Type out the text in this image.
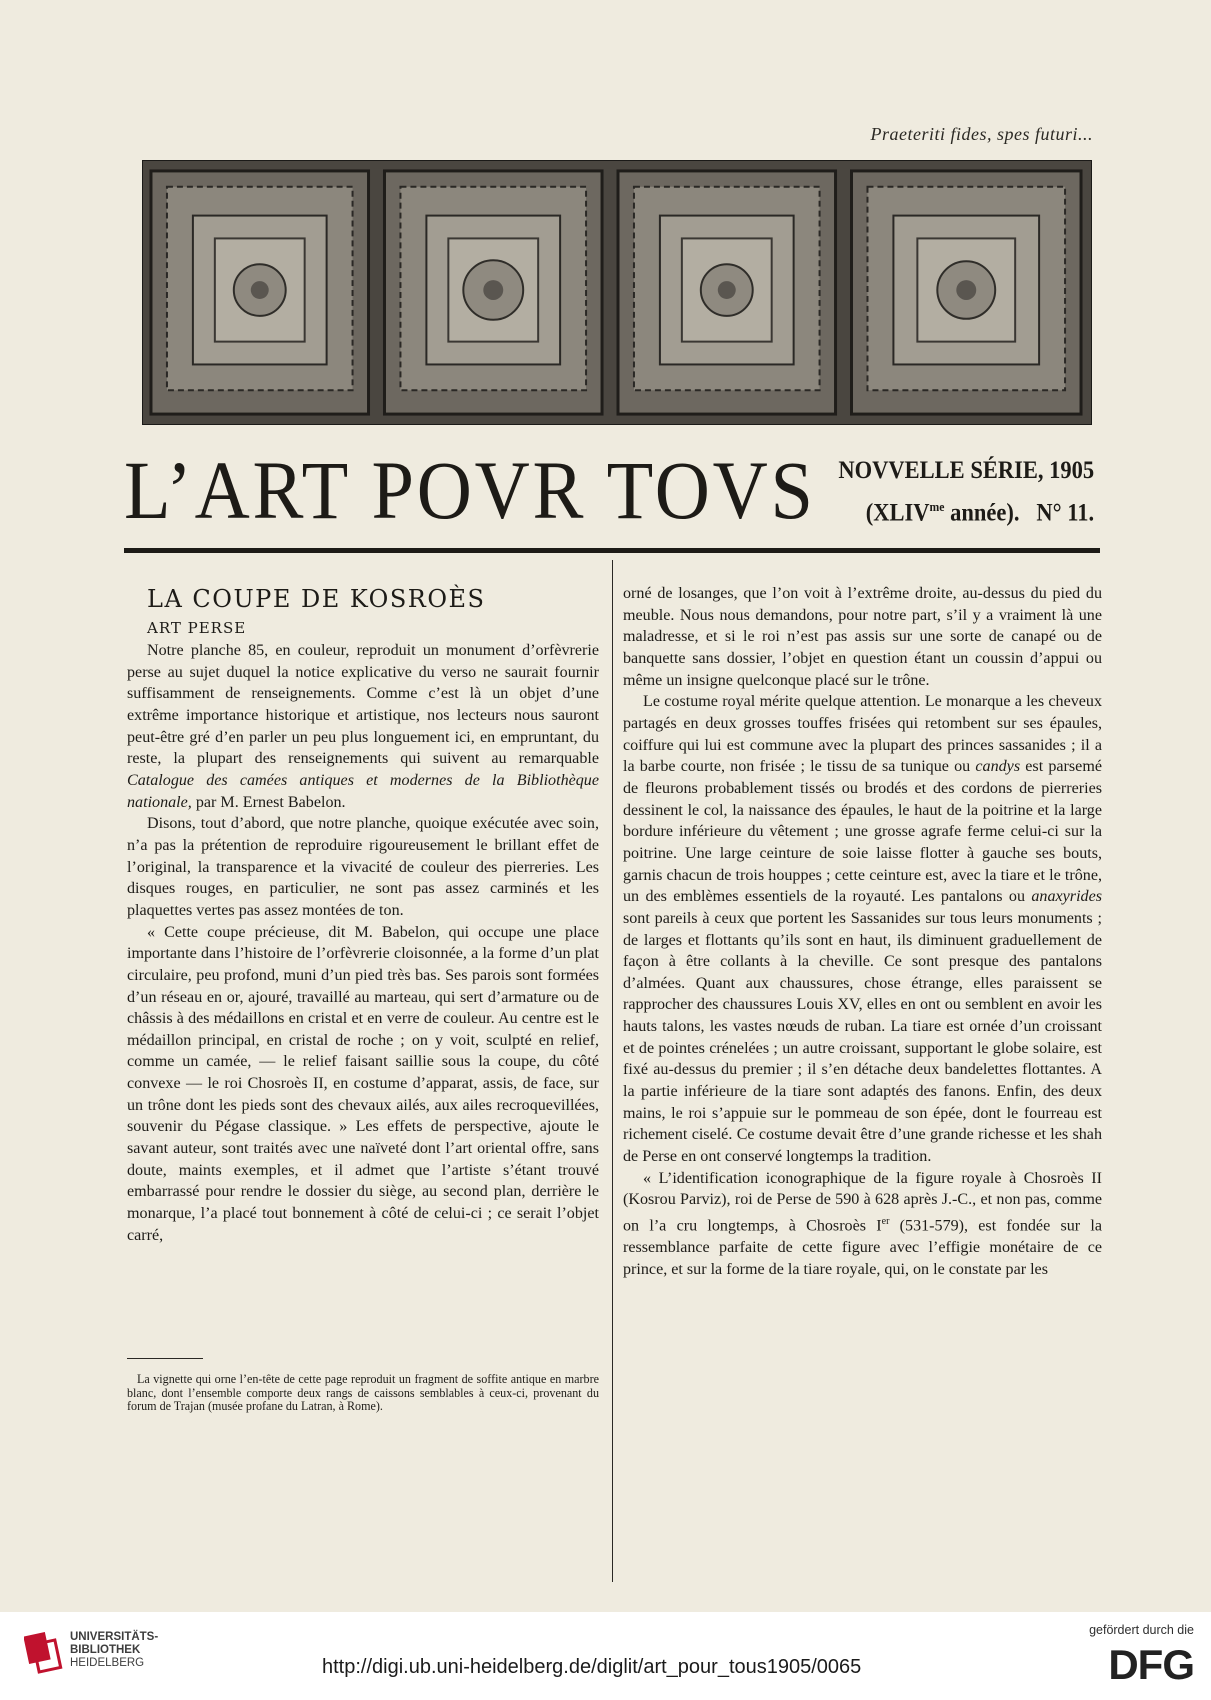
Praeteriti fides, spes futuri...
L’ART POVR TOVS NOVVELLE SÉRIE, 1905
($XLIV^{me}$ année).   N° 11.

LA COUPE DE KOSROÈS

ART PERSE

Notre planche 85, en couleur, reproduit un monument d’orfèvrerie perse au sujet duquel la notice explicative du verso ne saurait fournir suffisamment de renseignements. Comme c’est là un objet d’une extrême importance historique et artistique, nos lecteurs nous sauront peut-être gré d’en parler un peu plus longuement ici, en empruntant, du reste, la plupart des renseignements qui suivent au remarquable Catalogue des camées antiques et modernes de la Bibliothèque nationale, par M. Ernest Babelon.

Disons, tout d’abord, que notre planche, quoique exécutée avec soin, n’a pas la prétention de reproduire rigoureusement le brillant effet de l’original, la transparence et la vivacité de couleur des pierreries. Les disques rouges, en particulier, ne sont pas assez carminés et les plaquettes vertes pas assez montées de ton.

« Cette coupe précieuse, dit M. Babelon, qui occupe une place importante dans l’histoire de l’orfèvrerie cloisonnée, a la forme d’un plat circulaire, peu profond, muni d’un pied très bas. Ses parois sont formées d’un réseau en or, ajouré, travaillé au marteau, qui sert d’armature ou de châssis à des médaillons en cristal et en verre de couleur. Au centre est le médaillon principal, en cristal de roche ; on y voit, sculpté en relief, comme un camée, — le relief faisant saillie sous la coupe, du côté convexe — le roi Chosroès II, en costume d’apparat, assis, de face, sur un trône dont les pieds sont des chevaux ailés, aux ailes recroquevillées, souvenir du Pégase classique. » Les effets de perspective, ajoute le savant auteur, sont traités avec une naïveté dont l’art oriental offre, sans doute, maints exemples, et il admet que l’artiste s’étant trouvé embarrassé pour rendre le dossier du siège, au second plan, derrière le monarque, l’a placé tout bonnement à côté de celui-ci ; ce serait l’objet carré,

La vignette qui orne l’en-tête de cette page reproduit un fragment de soffite antique en marbre blanc, dont l’ensemble comporte deux rangs de caissons semblables à ceux-ci, provenant du forum de Trajan (musée profane du Latran, à Rome).

orné de losanges, que l’on voit à l’extrême droite, au-dessus du pied du meuble. Nous nous demandons, pour notre part, s’il y a vraiment là une maladresse, et si le roi n’est pas assis sur une sorte de canapé ou de banquette sans dossier, l’objet en question étant un coussin d’appui ou même un insigne quelconque placé sur le trône.

Le costume royal mérite quelque attention. Le monarque a les cheveux partagés en deux grosses touffes frisées qui retombent sur ses épaules, coiffure qui lui est commune avec la plupart des princes sassanides ; il a la barbe courte, non frisée ; le tissu de sa tunique ou candys est parsemé de fleurons probablement tissés ou brodés et des cordons de pierreries dessinent le col, la naissance des épaules, le haut de la poitrine et la large bordure inférieure du vêtement ; une grosse agrafe ferme celui-ci sur la poitrine. Une large ceinture de soie laisse flotter à gauche ses bouts, garnis chacun de trois houppes ; cette ceinture est, avec la tiare et le trône, un des emblèmes essentiels de la royauté. Les pantalons ou anaxyrides sont pareils à ceux que portent les Sassanides sur tous leurs monuments ; de larges et flottants qu’ils sont en haut, ils diminuent graduellement de façon à être collants à la cheville. Ce sont presque des pantalons d’almées. Quant aux chaussures, chose étrange, elles paraissent se rapprocher des chaussures Louis XV, elles en ont ou semblent en avoir les hauts talons, les vastes nœuds de ruban. La tiare est ornée d’un croissant et de pointes crénelées ; un autre croissant, supportant le globe solaire, est fixé au-dessus du premier ; il s’en détache deux bandelettes flottantes. A la partie inférieure de la tiare sont adaptés des fanons. Enfin, des deux mains, le roi s’appuie sur le pommeau de son épée, dont le fourreau est richement ciselé. Ce costume devait être d’une grande richesse et les shah de Perse en ont conservé longtemps la tradition.

« L’identification iconographique de la figure royale à Chosroès II (Kosrou Parviz), roi de Perse de 590 à 628 après J.-C., et non pas, comme on l’a cru longtemps, à Chosroès Ier (531-579), est fondée sur la ressemblance parfaite de cette figure avec l’effigie monétaire de ce prince, et sur la forme de la tiare royale, qui, on le constate par les

UNIVERSITÄTS-
BIBLIOTHEK
HEIDELBERG	http://digi.ub.uni-heidelberg.de/diglit/art_pour_tous1905/0065
gefördert durch die
DFG
